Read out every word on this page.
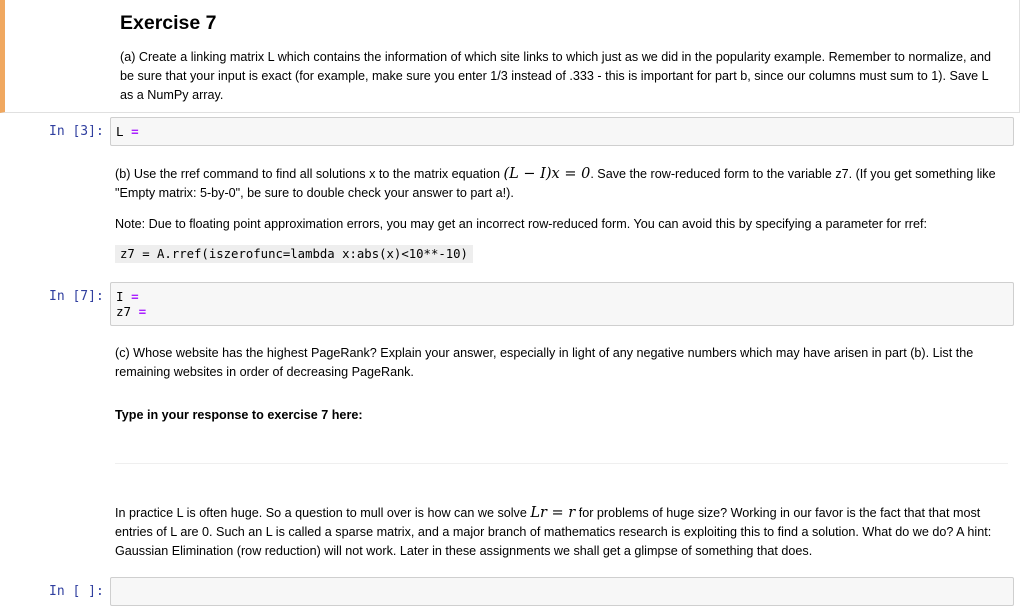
Exercise 7

(a) Create a linking matrix L which contains the information of which site links to which just as we did in the popularity example. Remember to normalize, and be sure that your input is exact (for example, make sure you enter 1/3 instead of .333 - this is important for part b, since our columns must sum to 1). Save L as a NumPy array.

In [3]: L =

(b) Use the rref command to find all solutions x to the matrix equation (L − I)x = 0. Save the row-reduced form to the variable z7. (If you get something like "Empty matrix: 5-by-0", be sure to double check your answer to part a!).

Note: Due to floating point approximation errors, you may get an incorrect row-reduced form. You can avoid this by specifying a parameter for rref:

z7 = A.rref(iszerofunc=lambda x:abs(x)<10**-10)
In [7]: I =
z7 =

(c) Whose website has the highest PageRank? Explain your answer, especially in light of any negative numbers which may have arisen in part (b). List the remaining websites in order of decreasing PageRank.

Type in your response to exercise 7 here:

In practice L is often huge. So a question to mull over is how can we solve Lr = r for problems of huge size? Working in our favor is the fact that that most entries of L are 0. Such an L is called a sparse matrix, and a major branch of mathematics research is exploiting this to find a solution. What do we do? A hint: Gaussian Elimination (row reduction) will not work. Later in these assignments we shall get a glimpse of something that does.

In [ ]:
